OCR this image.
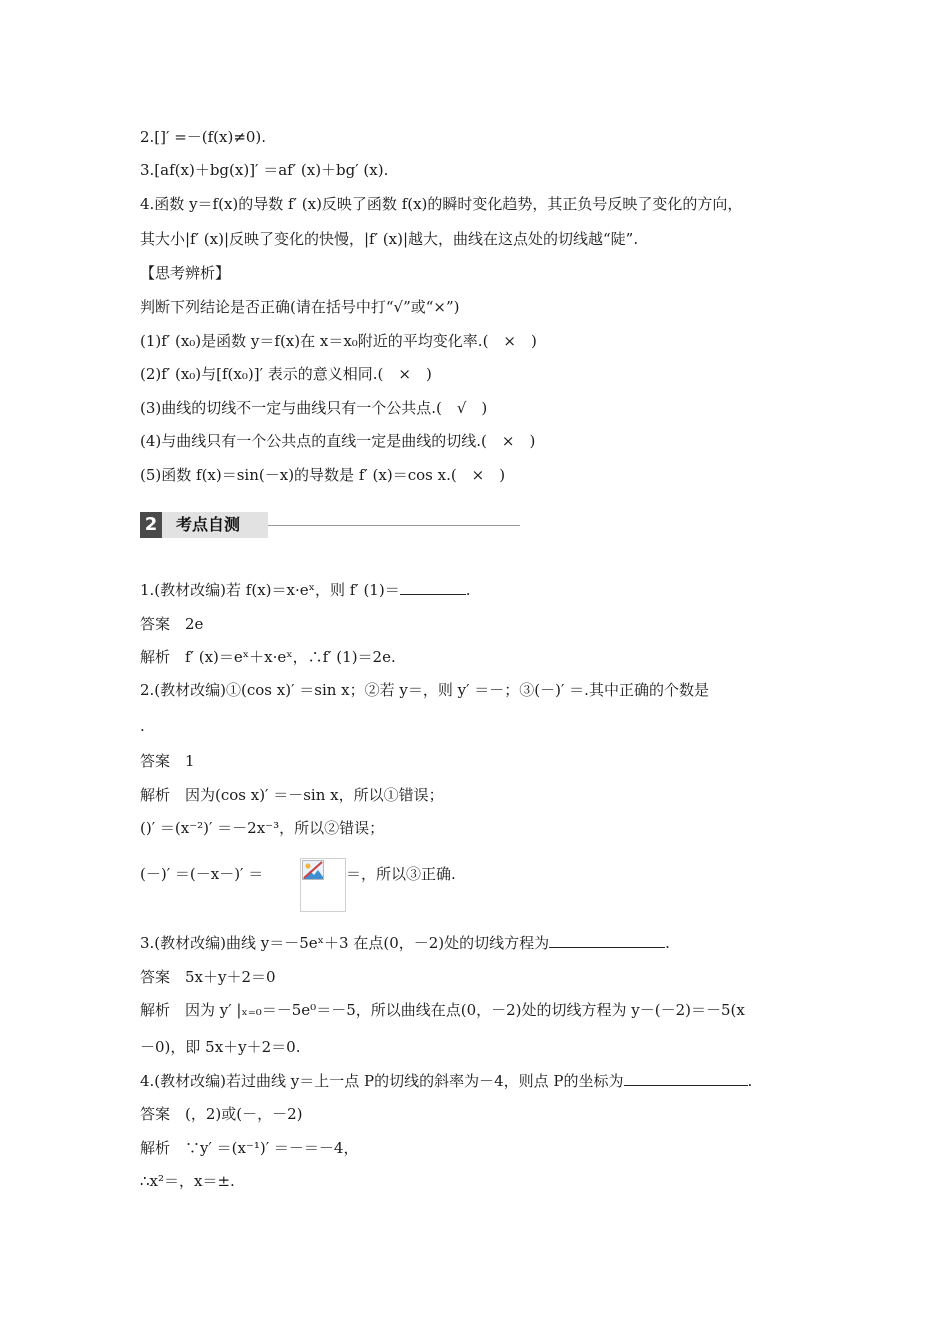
2.[]′ =－(f(x)≠0).

3.[af(x)＋bg(x)]′ ＝af′ (x)＋bg′ (x).

4.函数 y＝f(x)的导数 f′ (x)反映了函数 f(x)的瞬时变化趋势，其正负号反映了变化的方向，

其大小|f′ (x)|反映了变化的快慢，|f′ (x)|越大，曲线在这点处的切线越“陡”.

【思考辨析】

判断下列结论是否正确(请在括号中打“√”或“×”)

(1)f′ (x₀)是函数 y＝f(x)在 x＝x₀附近的平均变化率.(　×　)

(2)f′ (x₀)与[f(x₀)]′ 表示的意义相同.(　×　)

(3)曲线的切线不一定与曲线只有一个公共点.(　√　)

(4)与曲线只有一个公共点的直线一定是曲线的切线.(　×　)

(5)函数 f(x)＝sin(－x)的导数是 f′ (x)＝cos x.(　×　)

2 考点自测

1.(教材改编)若 f(x)＝x·eˣ，则 f′ (1)＝	.

答案　2e

解析　f′ (x)＝eˣ＋x·eˣ，∴f′ (1)＝2e.

2.(教材改编)①(cos x)′ ＝sin x；②若 y＝，则 y′ ＝－；③(－)′ ＝.其中正确的个数是

.

答案　1

解析　因为(cos x)′ ＝－sin x，所以①错误；

()′ ＝(x⁻²)′ ＝－2x⁻³，所以②错误；

(－)′ ＝(－x－)′ ＝	＝，所以③正确.

3.(教材改编)曲线 y＝－5eˣ＋3 在点(0，－2)处的切线方程为	.

答案　5x＋y＋2＝0

解析　因为 y′ |ₓ₌₀＝－5e⁰＝－5，所以曲线在点(0，－2)处的切线方程为 y－(－2)＝－5(x

－0)，即 5x＋y＋2＝0.

4.(教材改编)若过曲线 y＝上一点 P的切线的斜率为－4，则点 P的坐标为	.

答案　(，2)或(－，－2)

解析　∵y′ ＝(x⁻¹)′ ＝－＝－4，

∴x²＝，x＝±.
